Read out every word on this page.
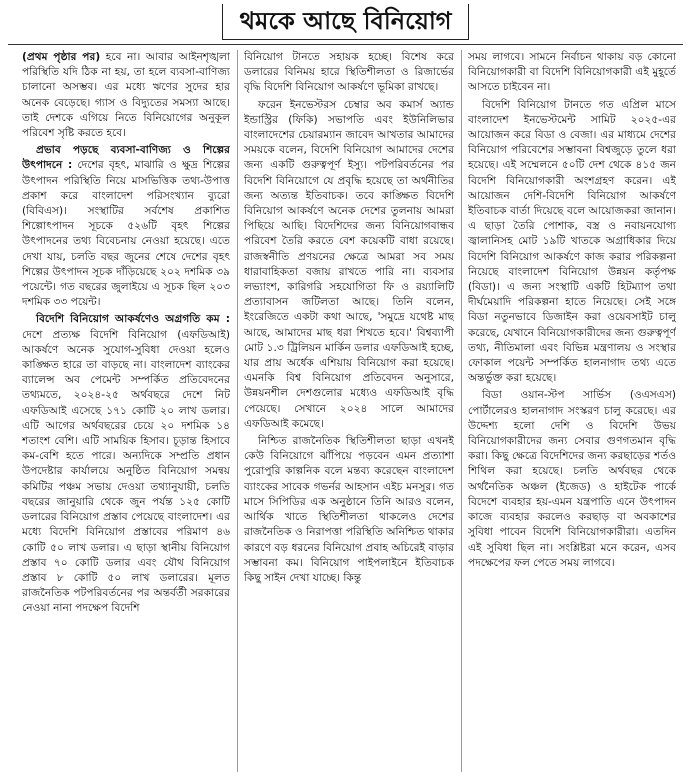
থমকে আছে বিনিয়োগ

(প্রথম পৃষ্ঠার পর) হবে না। আবার আইনশৃঙ্খলা পরিস্থিতি যদি ঠিক না হয়, তা হলে ব্যবসা-বাণিজ্য চালানো অসম্ভব। এর মধ্যে ঋণের সুদের হার অনেক বেড়েছে। গ্যাস ও বিদ্যুতের সমস্যা আছে। তাই দেশকে এগিয়ে নিতে বিনিয়োগের অনুকূল পরিবেশ সৃষ্টি করতে হবে।

প্রভাব পড়ছে ব্যবসা-বাণিজ্য ও শিল্পের উৎপাদনে : দেশের বৃহৎ, মাঝারি ও ক্ষুদ্র শিল্পের উৎপাদন পরিস্থিতি নিয়ে মাসভিত্তিক তথ্য-উপাত্ত প্রকাশ করে বাংলাদেশ পরিসংখ্যান ব্যুরো (বিবিএস)। সংস্থাটির সর্বশেষ প্রকাশিত শিল্পোৎপাদন সূচকে ৫২৬টি বৃহৎ শিল্পের উৎপাদনের তথ্য বিবেচনায় নেওয়া হয়েছে। এতে দেখা যায়, চলতি বছর জুনের শেষে দেশের বৃহৎ শিল্পের উৎপাদন সূচক দাঁড়িয়েছে ২০২ দশমিক ৩৯ পয়েন্টে। গত বছরের জুলাইয়ে এ সূচক ছিল ২০৩ দশমিক ৩৩ পয়েন্ট।

বিদেশি বিনিয়োগ আকর্ষণেও অগ্রগতি কম : দেশে প্রত্যক্ষ বিদেশি বিনিয়োগ (এফডিআই) আকর্ষণে অনেক সুযোগ-সুবিধা দেওয়া হলেও কাঙ্ক্ষিত হারে তা বাড়ছে না। বাংলাদেশ ব্যাংকের ব্যালেন্স অব পেমেন্ট সম্পর্কিত প্রতিবেদনের তথ্যমতে, ২০২৪-২৫ অর্থবছরে দেশে নিট এফডিআই এসেছে ১৭১ কোটি ২০ লাখ ডলার। এটি আগের অর্থবছরের চেয়ে ২০ দশমিক ১৪ শতাংশ বেশি। এটি সাময়িক হিসাব। চূড়ান্ত হিসাবে কম-বেশি হতে পারে। অন্যদিকে সম্প্রতি প্রধান উপদেষ্টার কার্যালয়ে অনুষ্ঠিত বিনিয়োগ সমন্বয় কমিটির পঞ্চম সভায় দেওয়া তথ্যানুযায়ী, চলতি বছরের জানুয়ারি থেকে জুন পর্যন্ত ১২৫ কোটি ডলারের বিনিয়োগ প্রস্তাব পেয়েছে বাংলাদেশ। এর মধ্যে বিদেশি বিনিয়োগ প্রস্তাবের পরিমাণ ৪৬ কোটি ৫০ লাখ ডলার। এ ছাড়া স্থানীয় বিনিয়োগ প্রস্তাব ৭০ কোটি ডলার এবং যৌথ বিনিয়োগ প্রস্তাব ৮ কোটি ৫০ লাখ ডলারের। মূলত রাজনৈতিক পটপরিবর্তনের পর অন্তর্বর্তী সরকারের নেওয়া নানা পদক্ষেপ বিদেশি

বিনিয়োগ টানতে সহায়ক হচ্ছে। বিশেষ করে ডলারের বিনিময় হারে স্থিতিশীলতা ও রিজার্ভের বৃদ্ধি বিদেশি বিনিয়োগ আকর্ষণে ভূমিকা রাখছে।

ফরেন ইনভেস্টরস চেম্বার অব কমার্স অ্যান্ড ইন্ডাস্ট্রির (ফিকি) সভাপতি এবং ইউনিলিভার বাংলাদেশের চেয়ারম্যান জাবেদ আখতার আমাদের সময়কে বলেন, বিদেশি বিনিয়োগ আমাদের দেশের জন্য একটি গুরুত্বপূর্ণ ইস্যু। পটপরিবর্তনের পর বিদেশি বিনিয়োগে যে প্রবৃদ্ধি হয়েছে তা অর্থনীতির জন্য অত্যন্ত ইতিবাচক। তবে কাঙ্ক্ষিত বিদেশি বিনিয়োগ আকর্ষণে অনেক দেশের তুলনায় আমরা পিছিয়ে আছি। বিদেশিদের জন্য বিনিয়োগবান্ধব পরিবেশ তৈরি করতে বেশ কয়েকটি বাধা রয়েছে। রাজস্বনীতি প্রণয়নের ক্ষেত্রে আমরা সব সময় ধারাবাহিকতা বজায় রাখতে পারি না। ব্যবসার লভ্যাংশ, কারিগরি সহযোগিতা ফি ও রয়্যালিটি প্রত্যাবাসন জটিলতা আছে। তিনি বলেন, ইংরেজিতে একটা কথা আছে, 'সমুদ্রে যথেষ্ট মাছ আছে, আমাদের মাছ ধরা শিখতে হবে।' বিশ্বব্যাপী মোট ১.৩ ট্রিলিয়ন মার্কিন ডলার এফডিআই হচ্ছে, যার প্রায় অর্ধেক এশিয়ায় বিনিয়োগ করা হয়েছে। এমনকি বিশ্ব বিনিয়োগ প্রতিবেদন অনুসারে, উন্নয়নশীল দেশগুলোর মধ্যেও এফডিআই বৃদ্ধি পেয়েছে। সেখানে ২০২৪ সালে আমাদের এফডিআই কমেছে।

নিশ্চিত রাজনৈতিক স্থিতিশীলতা ছাড়া এখনই কেউ বিনিয়োগে ঝাঁপিয়ে পড়বেন এমন প্রত্যাশা পুরোপুরি কাল্পনিক বলে মন্তব্য করেছেন বাংলাদেশ ব্যাংকের সাবেক গভর্নর আহসান এইচ মনসুর। গত মাসে সিপিডির এক অনুষ্ঠানে তিনি আরও বলেন, আর্থিক খাতে স্থিতিশীলতা থাকলেও দেশের রাজনৈতিক ও নিরাপত্তা পরিস্থিতি অনিশ্চিত থাকার কারণে বড় ধরনের বিনিয়োগ প্রবাহ অচিরেই বাড়ার সম্ভাবনা কম। বিনিয়োগ পাইপলাইনে ইতিবাচক কিছু সাইন দেখা যাচ্ছে। কিন্তু

সময় লাগবে। সামনে নির্বাচন থাকায় বড় কোনো বিনিয়োগকারী বা বিদেশি বিনিয়োগকারী এই মুহূর্তে আসতে চাইবেন না।

বিদেশি বিনিয়োগ টানতে গত এপ্রিল মাসে বাংলাদেশ ইনভেস্টমেন্ট সামিট ২০২৫-এর আয়োজন করে বিডা ও বেজা। এর মাধ্যমে দেশের বিনিয়োগ পরিবেশের সম্ভাবনা বিশ্বজুড়ে তুলে ধরা হয়েছে। এই সম্মেলনে ৫০টি দেশ থেকে ৪১৫ জন বিদেশি বিনিয়োগকারী অংশগ্রহণ করেন। এই আয়োজন দেশি-বিদেশি বিনিয়োগ আকর্ষণে ইতিবাচক বার্তা দিয়েছে বলে আয়োজকরা জানান। এ ছাড়া তৈরি পোশাক, বস্ত্র ও নবায়নযোগ্য জ্বালানিসহ মোট ১৯টি খাতকে অগ্রাধিকার দিয়ে বিদেশি বিনিয়োগ আকর্ষণে কাজ করার পরিকল্পনা নিয়েছে বাংলাদেশ বিনিয়োগ উন্নয়ন কর্তৃপক্ষ (বিডা)। এ জন্য সংস্থাটি একটি হিটম্যাপ তথা দীর্ঘমেয়াদি পরিকল্পনা হাতে নিয়েছে। সেই সঙ্গে বিডা নতুনভাবে ডিজাইন করা ওয়েবসাইট চালু করেছে, যেখানে বিনিয়োগকারীদের জন্য গুরুত্বপূর্ণ তথ্য, নীতিমালা এবং বিভিন্ন মন্ত্রণালয় ও সংস্থার ফোকাল পয়েন্ট সম্পর্কিত হালনাগাদ তথ্য এতে অন্তর্ভুক্ত করা হয়েছে।

বিডা ওয়ান-স্টপ সার্ভিস (ওএসএস) পোর্টালেরও হালনাগাদ সংস্করণ চালু করেছে। এর উদ্দেশ্য হলো দেশি ও বিদেশি উভয় বিনিয়োগকারীদের জন্য সেবার গুণগতমান বৃদ্ধি করা। কিছু ক্ষেত্রে বিদেশিদের জন্য করছাড়ের শর্তও শিথিল করা হয়েছে। চলতি অর্থবছর থেকে অর্থনৈতিক অঞ্চল (ইজেড) ও হাইটেক পার্কে বিদেশে ব্যবহার হয়-এমন যন্ত্রপাতি এনে উৎপাদন কাজে ব্যবহার করলেও করছাড় বা অবকাশের সুবিধা পাবেন বিদেশি বিনিয়োগকারীরা। এতদিন এই সুবিধা ছিল না। সংশ্লিষ্টরা মনে করেন, এসব পদক্ষেপের ফল পেতে সময় লাগবে।
